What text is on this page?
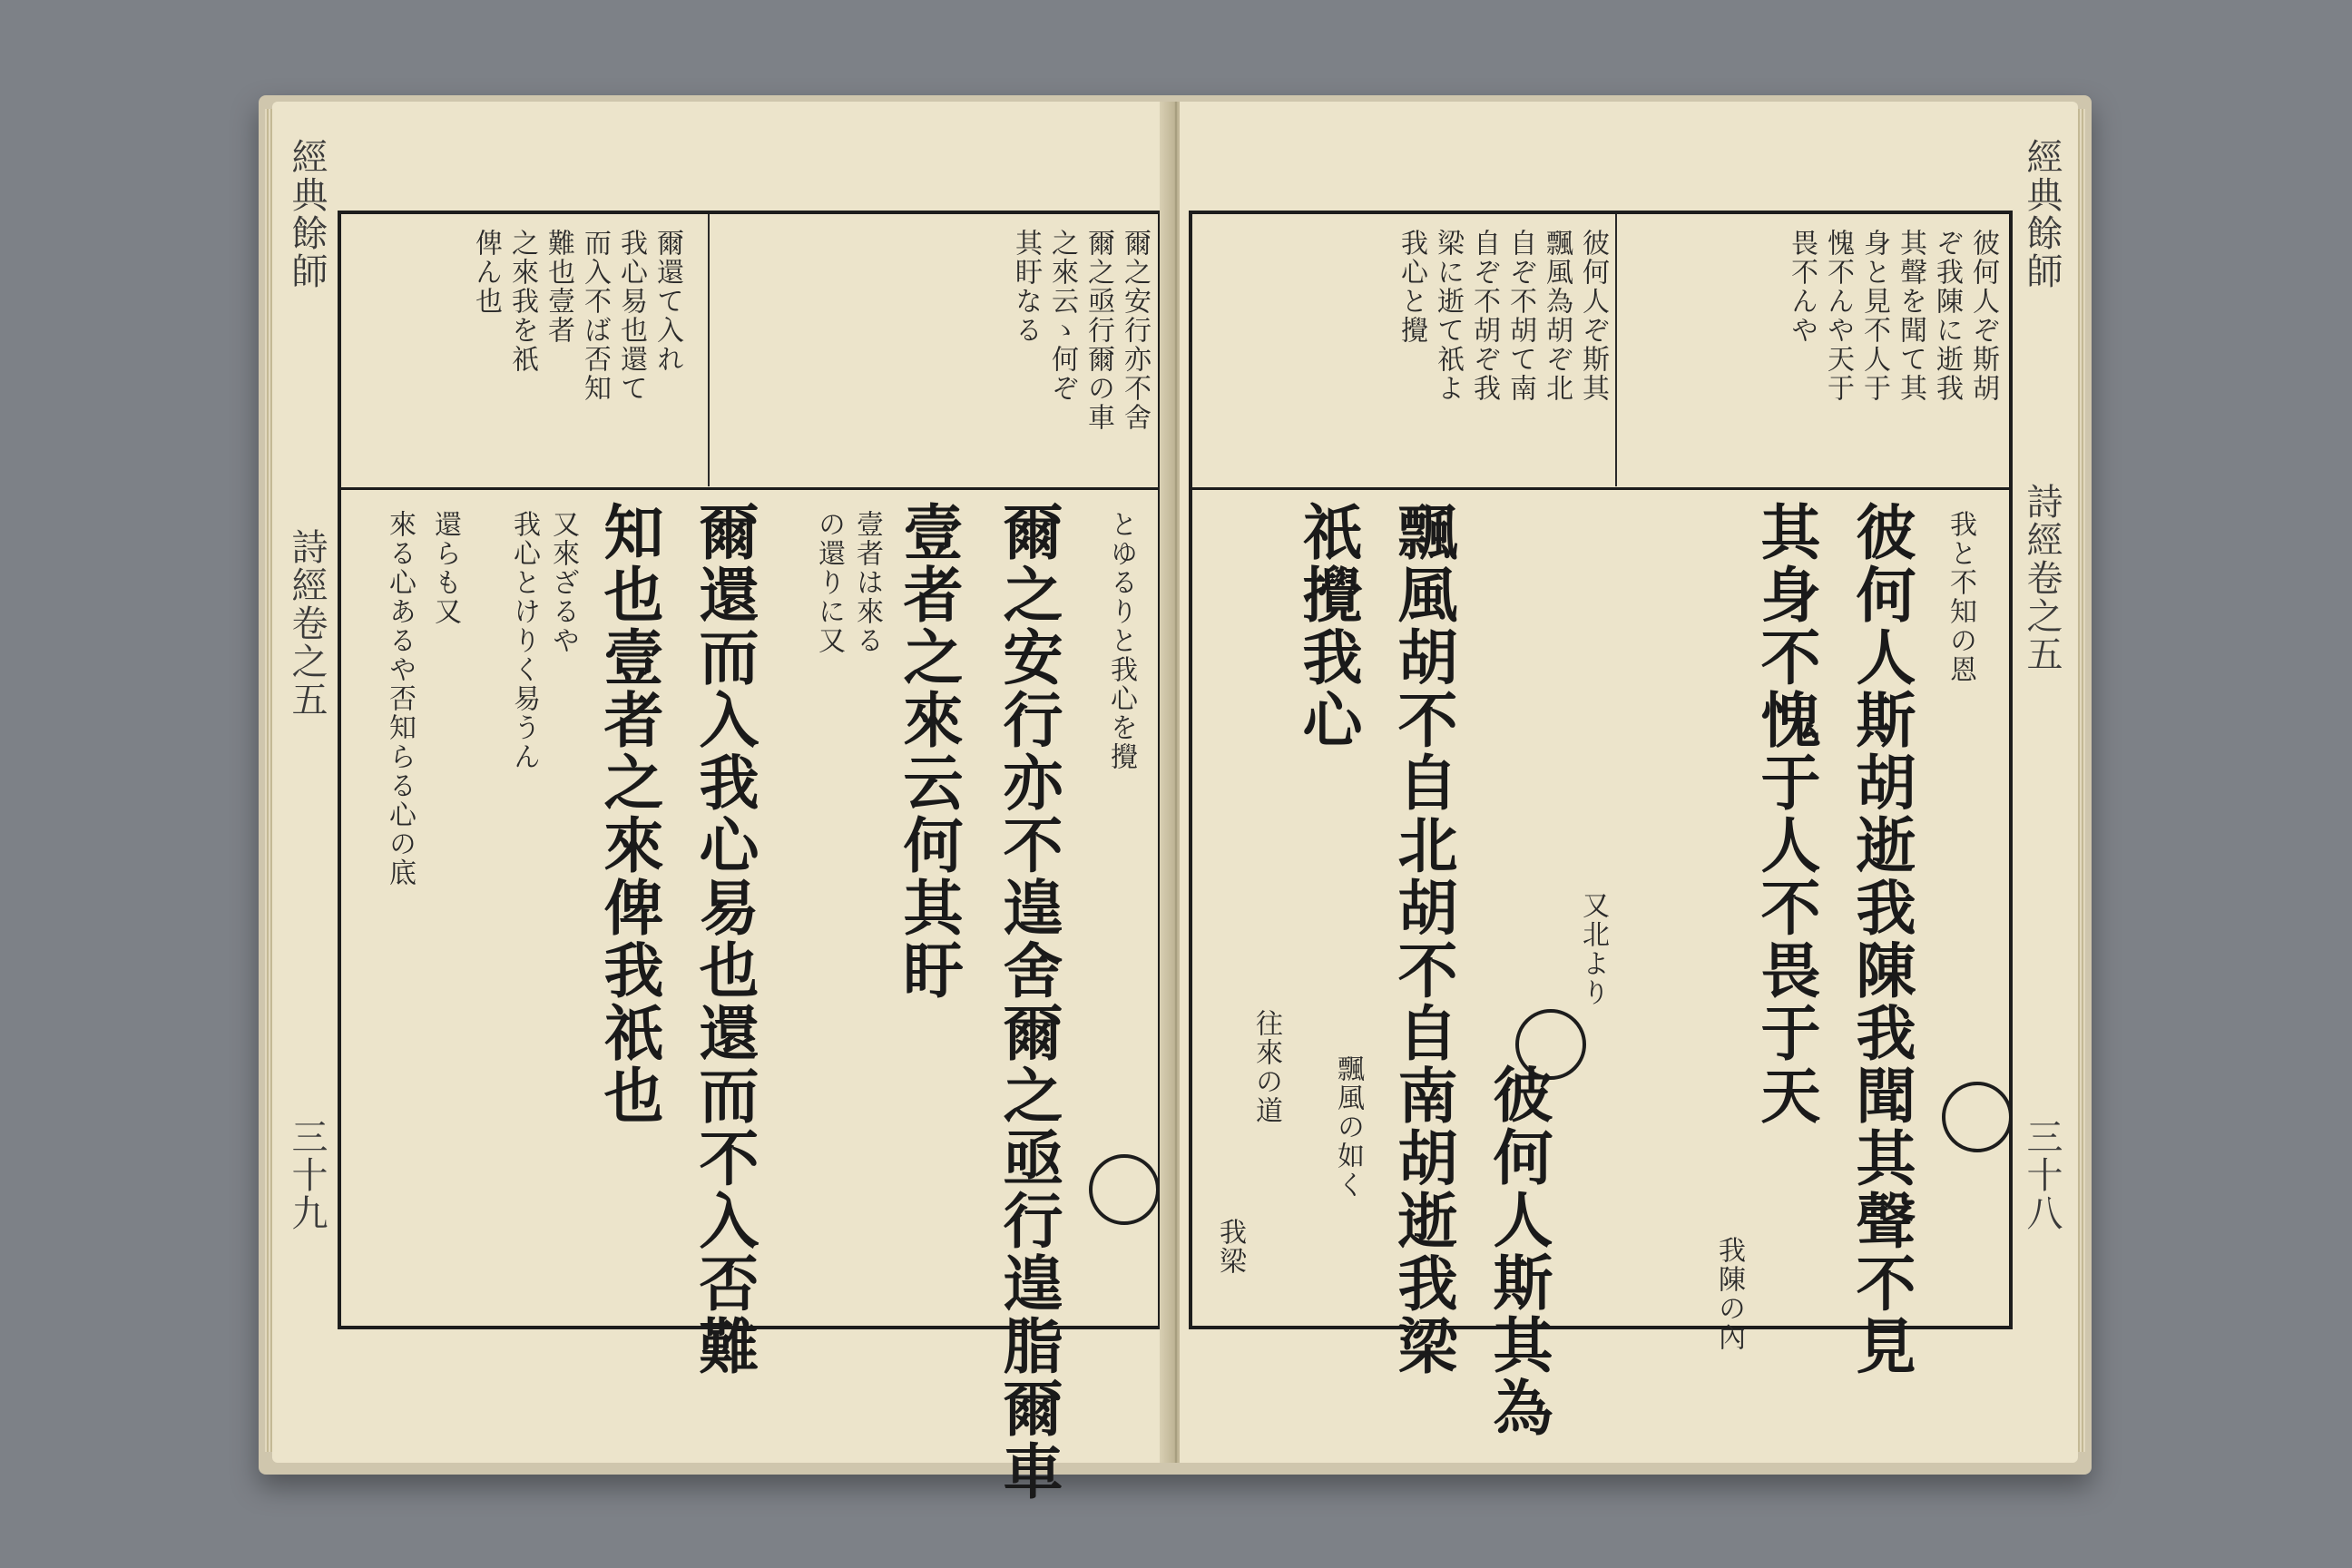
經典餘師
詩經卷之五
三十九
爾之安行亦不舍
爾之亟行爾の車
之來云ゝ何ぞ
其盱なる
爾還て入れ
我心易也還て
而入不ば否知
難也壹者
之來我を祇
俾ん也
とゆるりと我心を攪
爾之安行亦不遑舍爾之亟行遑脂爾車
壹者之來云何其盱
壹者は來る
の還りに又
爾還而入我心易也還而不入否難
知也壹者之來俾我祇也
又來ざるや
我心とけりく易うん
還らも又
來る心あるや否知らる心の底
經典餘師
詩經卷之五
三十八
彼何人ぞ斯胡
ぞ我陳に逝我
其聲を聞て其
身と見不人于
愧不んや天于
畏不んや
彼何人ぞ斯其
飄風為胡ぞ北
自ぞ不胡て南
自ぞ不胡ぞ我
梁に逝て祇よ
我心と攪
我と不知の恩
彼何人斯胡逝我陳我聞其聲不見
其身不愧于人不畏于天
我陳の內
又北より
彼何人斯其為
飄風胡不自北胡不自南胡逝我梁
飄風の如く
祇攪我心
往來の道
我梁
